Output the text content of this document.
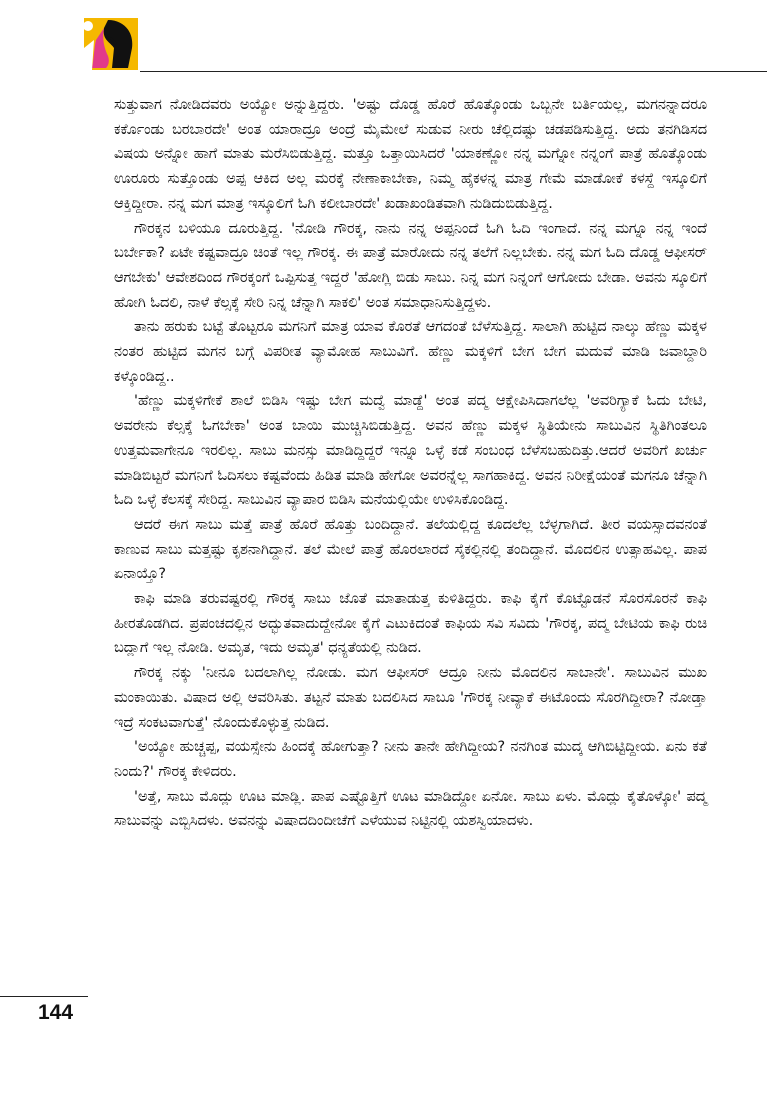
ಸುತ್ತುವಾಗ ನೋಡಿದವರು ಅಯ್ಯೋ ಅನ್ನುತ್ತಿದ್ದರು. 'ಅಷ್ಟು ದೊಡ್ಡ ಹೊರೆ ಹೊತ್ಕೊಂಡು ಒಬ್ಬನೇ ಬರ್ತಿಯಲ್ಲ, ಮಗನನ್ನಾದರೂ ಕರ್ಕೊಂಡು ಬರಬಾರದೇ' ಅಂತ ಯಾರಾದ್ರೂ ಅಂದ್ರೆ ಮೈಮೇಲೆ ಸುಡುವ ನೀರು ಚೆಲ್ಲಿದಷ್ಟು ಚಡಪಡಿಸುತ್ತಿದ್ದ. ಅದು ತನಗಿಡಿಸದ ವಿಷಯ ಅನ್ನೋ ಹಾಗೆ ಮಾತು ಮರೆಸಿಬಿಡುತ್ತಿದ್ದ. ಮತ್ತೂ ಒತ್ತಾಯಿಸಿದರೆ 'ಯಾಕಣ್ಣೋ ನನ್ನ ಮಗ್ನೋ ನನ್ನಂಗೆ ಪಾತ್ರೆ ಹೊತ್ಕೊಂಡು ಊರೂರು ಸುತ್ತೊಂಡು ಅಪ್ಪ ಆಕಿದ ಅಲ್ಲ ಮರಕ್ಕೆ ನೇಣಾಕಾಬೇಕಾ, ನಿಮ್ಮ ಹೈಕಳನ್ನ ಮಾತ್ರ ಗೇಮೆ ಮಾಡೋಕೆ ಕಳಸ್ದೆ ಇಸ್ಕೂಲಿಗೆ ಆಕ್ತಿದ್ದೀರಾ. ನನ್ನ ಮಗ ಮಾತ್ರ ಇಸ್ಕೂಲಿಗೆ ಓಗಿ ಕಲೀಬಾರದೇ' ಖಡಾಖಂಡಿತವಾಗಿ ನುಡಿದುಬಿಡುತ್ತಿದ್ದ.

ಗೌರಕ್ಕನ ಬಳಿಯೂ ದೂರುತ್ತಿದ್ದ. 'ನೋಡಿ ಗೌರಕ್ಕ, ನಾನು ನನ್ನ ಅಪ್ಪನಿಂದೆ ಓಗಿ ಓದಿ ಇಂಗಾದೆ. ನನ್ನ ಮಗ್ನೂ ನನ್ನ ಇಂದೆ ಬರ್ಬೇಕಾ? ಏಟೇ ಕಷ್ಟವಾದ್ರೂ ಚಿಂತೆ ಇಲ್ಲ ಗೌರಕ್ಕ. ಈ ಪಾತ್ರೆ ಮಾರೋದು ನನ್ನ ತಲೆಗೆ ನಿಲ್ಲಬೇಕು. ನನ್ನ ಮಗ ಓದಿ ದೊಡ್ಡ ಆಫೀಸರ್ ಆಗಬೇಕು' ಆವೇಶದಿಂದ ಗೌರಕ್ಕಂಗೆ ಒಪ್ಪಿಸುತ್ತ ಇದ್ದರೆ 'ಹೋಗ್ಲಿ ಬಿಡು ಸಾಬು. ನಿನ್ನ ಮಗ ನಿನ್ನಂಗೆ ಆಗೋದು ಬೇಡಾ. ಅವನು ಸ್ಕೂಲಿಗೆ ಹೋಗಿ ಓದಲಿ, ನಾಳೆ ಕೆಲ್ಸಕ್ಕೆ ಸೇರಿ ನಿನ್ನ ಚೆನ್ನಾಗಿ ಸಾಕಲಿ' ಅಂತ ಸಮಾಧಾನಿಸುತ್ತಿದ್ದಳು.

ತಾನು ಹರುಕು ಬಟ್ಟೆ ತೊಟ್ಟರೂ ಮಗನಿಗೆ ಮಾತ್ರ ಯಾವ ಕೊರತೆ ಆಗದಂತೆ ಬೆಳೆಸುತ್ತಿದ್ದ. ಸಾಲಾಗಿ ಹುಟ್ಟಿದ ನಾಲ್ಕು ಹೆಣ್ಣು ಮಕ್ಕಳ ನಂತರ ಹುಟ್ಟಿದ ಮಗನ ಬಗ್ಗೆ ವಿಪರೀತ ವ್ಯಾಮೋಹ ಸಾಬುವಿಗೆ. ಹೆಣ್ಣು ಮಕ್ಕಳಿಗೆ ಬೇಗ ಬೇಗ ಮದುವೆ ಮಾಡಿ ಜವಾಬ್ದಾರಿ ಕಳ್ಕೊಂಡಿದ್ದ..

'ಹೆಣ್ಣು ಮಕ್ಕಳಿಗೇಕೆ ಶಾಲೆ ಬಿಡಿಸಿ ಇಷ್ಟು ಬೇಗ ಮದ್ವೆ ಮಾಡ್ದೆ' ಅಂತ ಪದ್ಮ ಆಕ್ಷೇಪಿಸಿದಾಗಲೆಲ್ಲ 'ಅವರಿಗ್ಯಾಕೆ ಓದು ಬೇಟಿ, ಅವರೇನು ಕೆಲ್ಸಕ್ಕೆ ಓಗಬೇಕಾ' ಅಂತ ಬಾಯಿ ಮುಚ್ಚಿಸಿಬಿಡುತ್ತಿದ್ದ. ಅವನ ಹೆಣ್ಣು ಮಕ್ಕಳ ಸ್ಥಿತಿಯೇನು ಸಾಬುವಿನ ಸ್ಥಿತಿಗಿಂತಲೂ ಉತ್ತಮವಾಗೇನೂ ಇರಲಿಲ್ಲ. ಸಾಬು ಮನಸ್ಸು ಮಾಡಿದ್ದಿದ್ದರೆ ಇನ್ನೂ ಒಳ್ಳೆ ಕಡೆ ಸಂಬಂಧ ಬೆಳೆಸಬಹುದಿತ್ತು.ಆದರೆ ಅವರಿಗೆ ಖರ್ಚು ಮಾಡಿಬಿಟ್ಟರೆ ಮಗನಿಗೆ ಓದಿಸಲು ಕಷ್ಟವೆಂದು ಹಿಡಿತ ಮಾಡಿ ಹೇಗೋ ಅವರನ್ನೆಲ್ಲ ಸಾಗಹಾಕಿದ್ದ. ಅವನ ನಿರೀಕ್ಷೆಯಂತೆ ಮಗನೂ ಚೆನ್ನಾಗಿ ಓದಿ ಒಳ್ಳೆ ಕೆಲಸಕ್ಕೆ ಸೇರಿದ್ದ. ಸಾಬುವಿನ ವ್ಯಾಪಾರ ಬಿಡಿಸಿ ಮನೆಯಲ್ಲಿಯೇ ಉಳಿಸಿಕೊಂಡಿದ್ದ.

ಆದರೆ ಈಗ ಸಾಬು ಮತ್ತೆ ಪಾತ್ರೆ ಹೊರೆ ಹೊತ್ತು ಬಂದಿದ್ದಾನೆ. ತಲೆಯಲ್ಲಿದ್ದ ಕೂದಲೆಲ್ಲ ಬೆಳ್ಳಗಾಗಿದೆ. ತೀರ ವಯಸ್ಸಾದವನಂತೆ ಕಾಣುವ ಸಾಬು ಮತ್ತಷ್ಟು ಕೃಶನಾಗಿದ್ದಾನೆ. ತಲೆ ಮೇಲೆ ಪಾತ್ರೆ ಹೊರಲಾರದೆ ಸೈಕಲ್ಲಿನಲ್ಲಿ ತಂದಿದ್ದಾನೆ. ಮೊದಲಿನ ಉತ್ಸಾಹವಿಲ್ಲ. ಪಾಪ ಏನಾಯ್ತೊ?

ಕಾಫಿ ಮಾಡಿ ತರುವಷ್ಟರಲ್ಲಿ ಗೌರಕ್ಕ ಸಾಬು ಜೊತೆ ಮಾತಾಡುತ್ತ ಕುಳಿತಿದ್ದರು. ಕಾಫಿ ಕೈಗೆ ಕೊಟ್ಟೊಡನೆ ಸೊರಸೊರನೆ ಕಾಫಿ ಹೀರತೊಡಗಿದ. ಪ್ರಪಂಚದಲ್ಲಿನ ಅದ್ಭುತವಾದುದ್ದೇನೋ ಕೈಗೆ ಎಟುಕಿದಂತೆ ಕಾಫಿಯ ಸವಿ ಸವಿದು 'ಗೌರಕ್ಕ, ಪದ್ಮ ಬೇಟಿಯ ಕಾಫಿ ರುಚಿ ಬದ್ಲಾಗೆ ಇಲ್ಲ ನೋಡಿ. ಅಮೃತ, ಇದು ಅಮೃತ' ಧನ್ಯತೆಯಲ್ಲಿ ನುಡಿದ.

ಗೌರಕ್ಕ ನಕ್ಕು 'ನೀನೂ ಬದಲಾಗಿಲ್ಲ ನೋಡು. ಮಗ ಆಫೀಸರ್ ಆದ್ರೂ ನೀನು ಮೊದಲಿನ ಸಾಬಾನೇ'. ಸಾಬುವಿನ ಮುಖ ಮಂಕಾಯಿತು. ವಿಷಾದ ಅಲ್ಲಿ ಆವರಿಸಿತು. ತಟ್ಟನೆ ಮಾತು ಬದಲಿಸಿದ ಸಾಬೂ 'ಗೌರಕ್ಕ ನೀವ್ಯಾಕೆ ಈಟೊಂದು ಸೊರಗಿದ್ದೀರಾ? ನೋಡ್ತಾ ಇದ್ರೆ ಸಂಕಟವಾಗುತ್ತೆ' ನೊಂದುಕೊಳ್ಳುತ್ತ ನುಡಿದ.

'ಅಯ್ಯೋ ಹುಚ್ಚಪ್ಪ, ವಯಸ್ಸೇನು ಹಿಂದಕ್ಕೆ ಹೋಗುತ್ತಾ? ನೀನು ತಾನೇ ಹೇಗಿದ್ದೀಯ? ನನಗಿಂತ ಮುದ್ಕ ಆಗಿಬಿಟ್ಟಿದ್ದೀಯ. ಏನು ಕತೆ ನಿಂದು?' ಗೌರಕ್ಕ ಕೇಳಿದರು.

'ಅತ್ತೆ, ಸಾಬು ಮೊದ್ಲು ಊಟ ಮಾಡ್ಲಿ. ಪಾಪ ಎಷ್ಟೊತ್ತಿಗೆ ಊಟ ಮಾಡಿದ್ದೋ ಏನೋ. ಸಾಬು ಏಳು. ಮೊದ್ಲು ಕೈತೊಳ್ಕೋ' ಪದ್ಮ ಸಾಬುವನ್ನು ಎಬ್ಬಿಸಿದಳು. ಅವನನ್ನು ವಿಷಾದದಿಂದೀಚೆಗೆ ಎಳೆಯುವ ನಿಟ್ಟಿನಲ್ಲಿ ಯಶಸ್ವಿಯಾದಳು.

144
